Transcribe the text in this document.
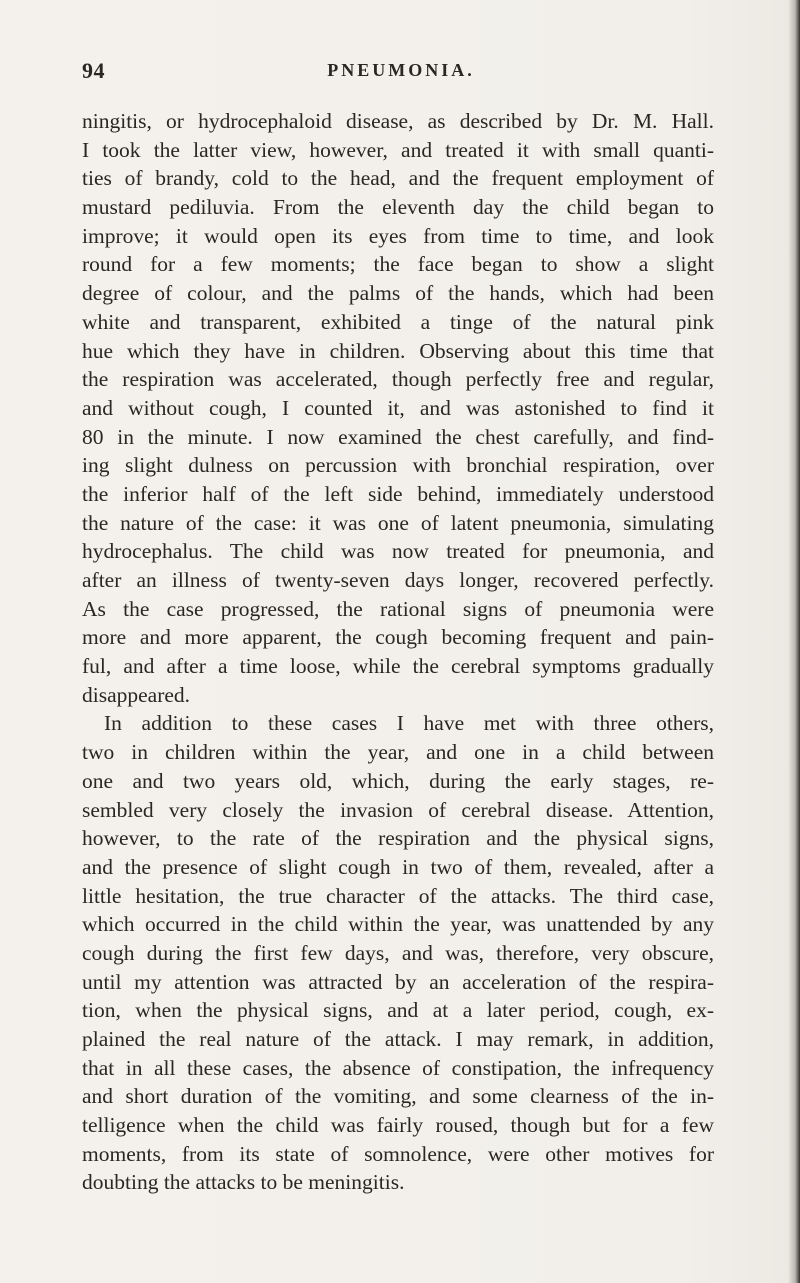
94	PNEUMONIA.
ningitis, or hydrocephaloid disease, as described by Dr. M. Hall.
I took the latter view, however, and treated it with small quanti-
ties of brandy, cold to the head, and the frequent employment of
mustard pediluvia. From the eleventh day the child began to
improve; it would open its eyes from time to time, and look
round for a few moments; the face began to show a slight
degree of colour, and the palms of the hands, which had been
white and transparent, exhibited a tinge of the natural pink
hue which they have in children. Observing about this time that
the respiration was accelerated, though perfectly free and regular,
and without cough, I counted it, and was astonished to find it
80 in the minute. I now examined the chest carefully, and find-
ing slight dulness on percussion with bronchial respiration, over
the inferior half of the left side behind, immediately understood
the nature of the case: it was one of latent pneumonia, simulating
hydrocephalus. The child was now treated for pneumonia, and
after an illness of twenty-seven days longer, recovered perfectly.
As the case progressed, the rational signs of pneumonia were
more and more apparent, the cough becoming frequent and pain-
ful, and after a time loose, while the cerebral symptoms gradually
disappeared.
In addition to these cases I have met with three others,
two in children within the year, and one in a child between
one and two years old, which, during the early stages, re-
sembled very closely the invasion of cerebral disease. Attention,
however, to the rate of the respiration and the physical signs,
and the presence of slight cough in two of them, revealed, after a
little hesitation, the true character of the attacks. The third case,
which occurred in the child within the year, was unattended by any
cough during the first few days, and was, therefore, very obscure,
until my attention was attracted by an acceleration of the respira-
tion, when the physical signs, and at a later period, cough, ex-
plained the real nature of the attack. I may remark, in addition,
that in all these cases, the absence of constipation, the infrequency
and short duration of the vomiting, and some clearness of the in-
telligence when the child was fairly roused, though but for a few
moments, from its state of somnolence, were other motives for
doubting the attacks to be meningitis.
